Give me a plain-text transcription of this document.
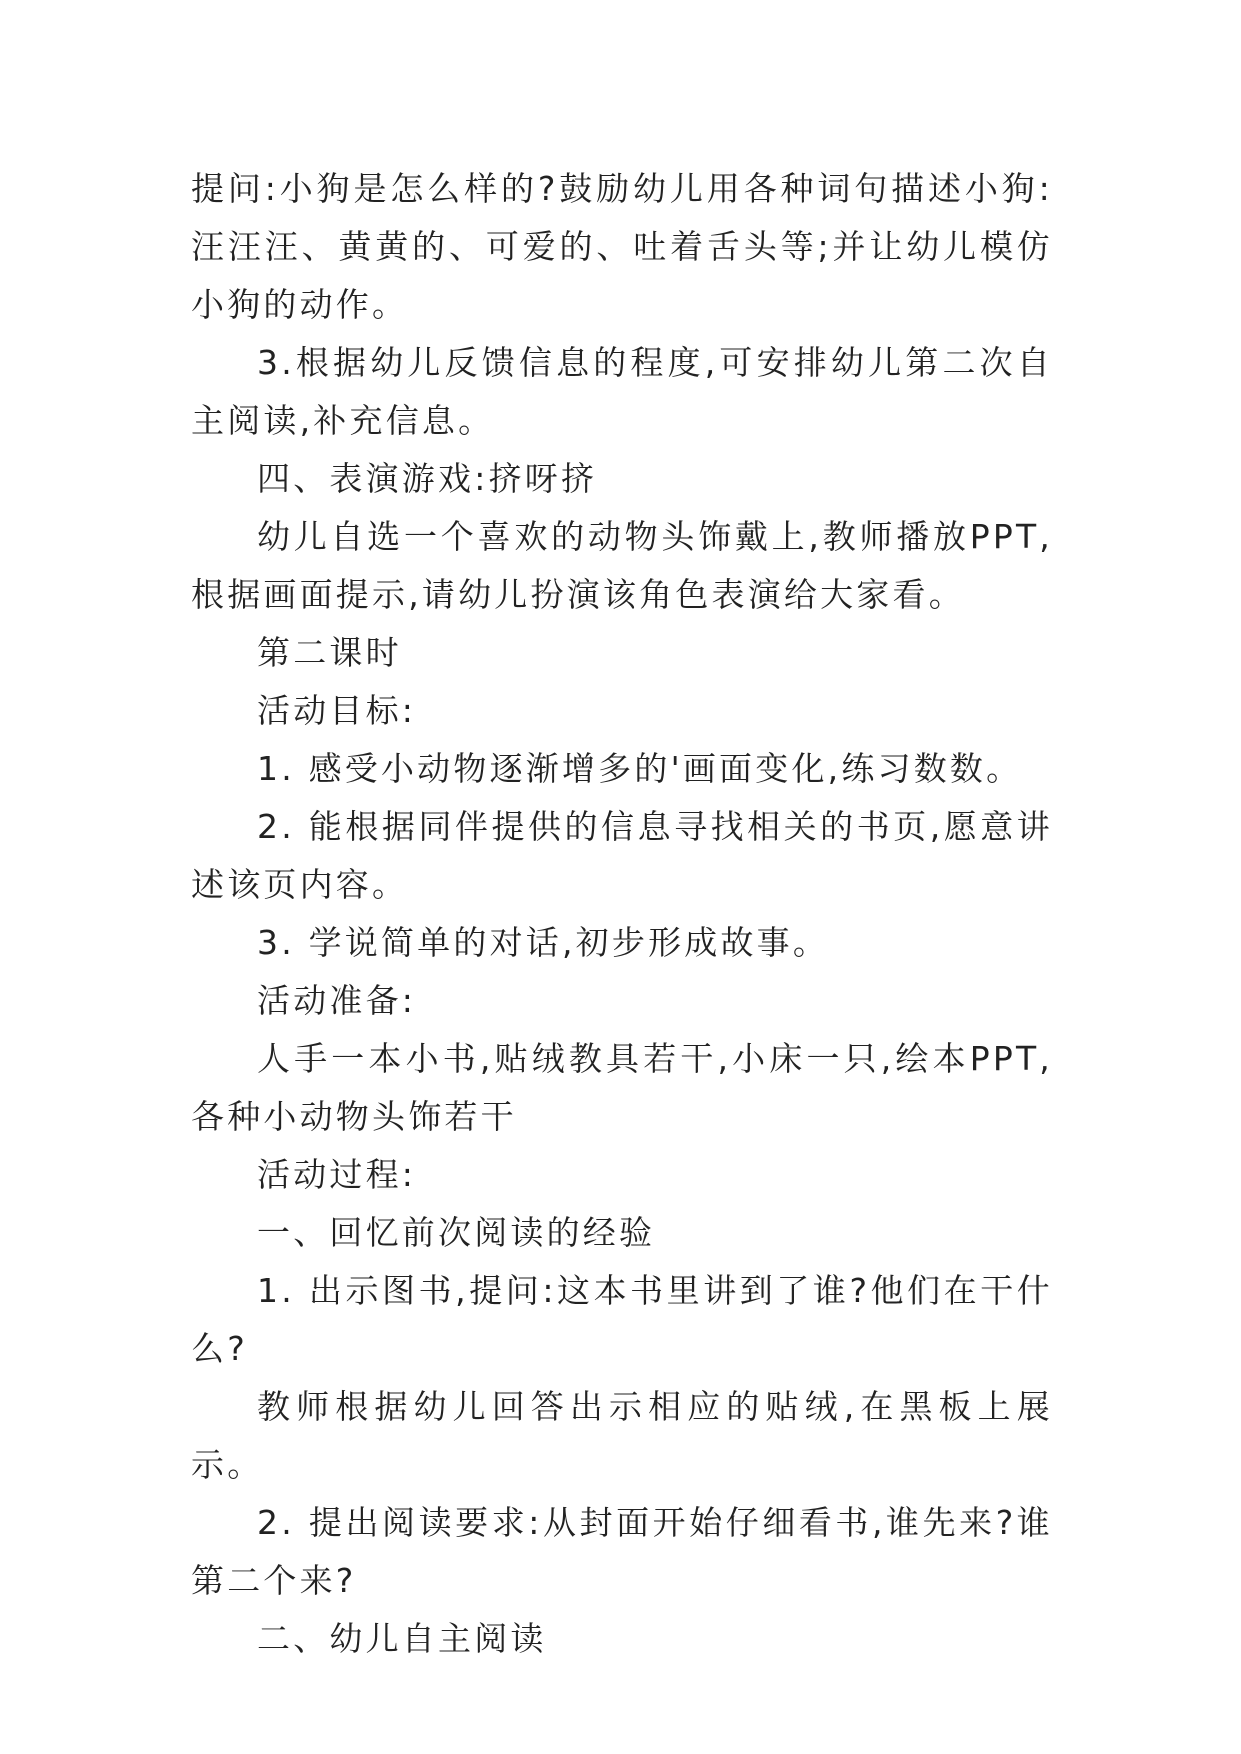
提问:小狗是怎么样的?鼓励幼儿用各种词句描述小狗:汪汪汪、黄黄的、可爱的、吐着舌头等;并让幼儿模仿小狗的动作。

3.根据幼儿反馈信息的程度,可安排幼儿第二次自主阅读,补充信息。

四、表演游戏:挤呀挤

幼儿自选一个喜欢的动物头饰戴上,教师播放PPT,根据画面提示,请幼儿扮演该角色表演给大家看。

第二课时

活动目标:

1. 感受小动物逐渐增多的'画面变化,练习数数。

2. 能根据同伴提供的信息寻找相关的书页,愿意讲述该页内容。

3. 学说简单的对话,初步形成故事。

活动准备:

人手一本小书,贴绒教具若干,小床一只,绘本PPT,各种小动物头饰若干

活动过程:

一、回忆前次阅读的经验

1. 出示图书,提问:这本书里讲到了谁?他们在干什么?

教师根据幼儿回答出示相应的贴绒,在黑板上展示。

2. 提出阅读要求:从封面开始仔细看书,谁先来?谁第二个来?

二、幼儿自主阅读
